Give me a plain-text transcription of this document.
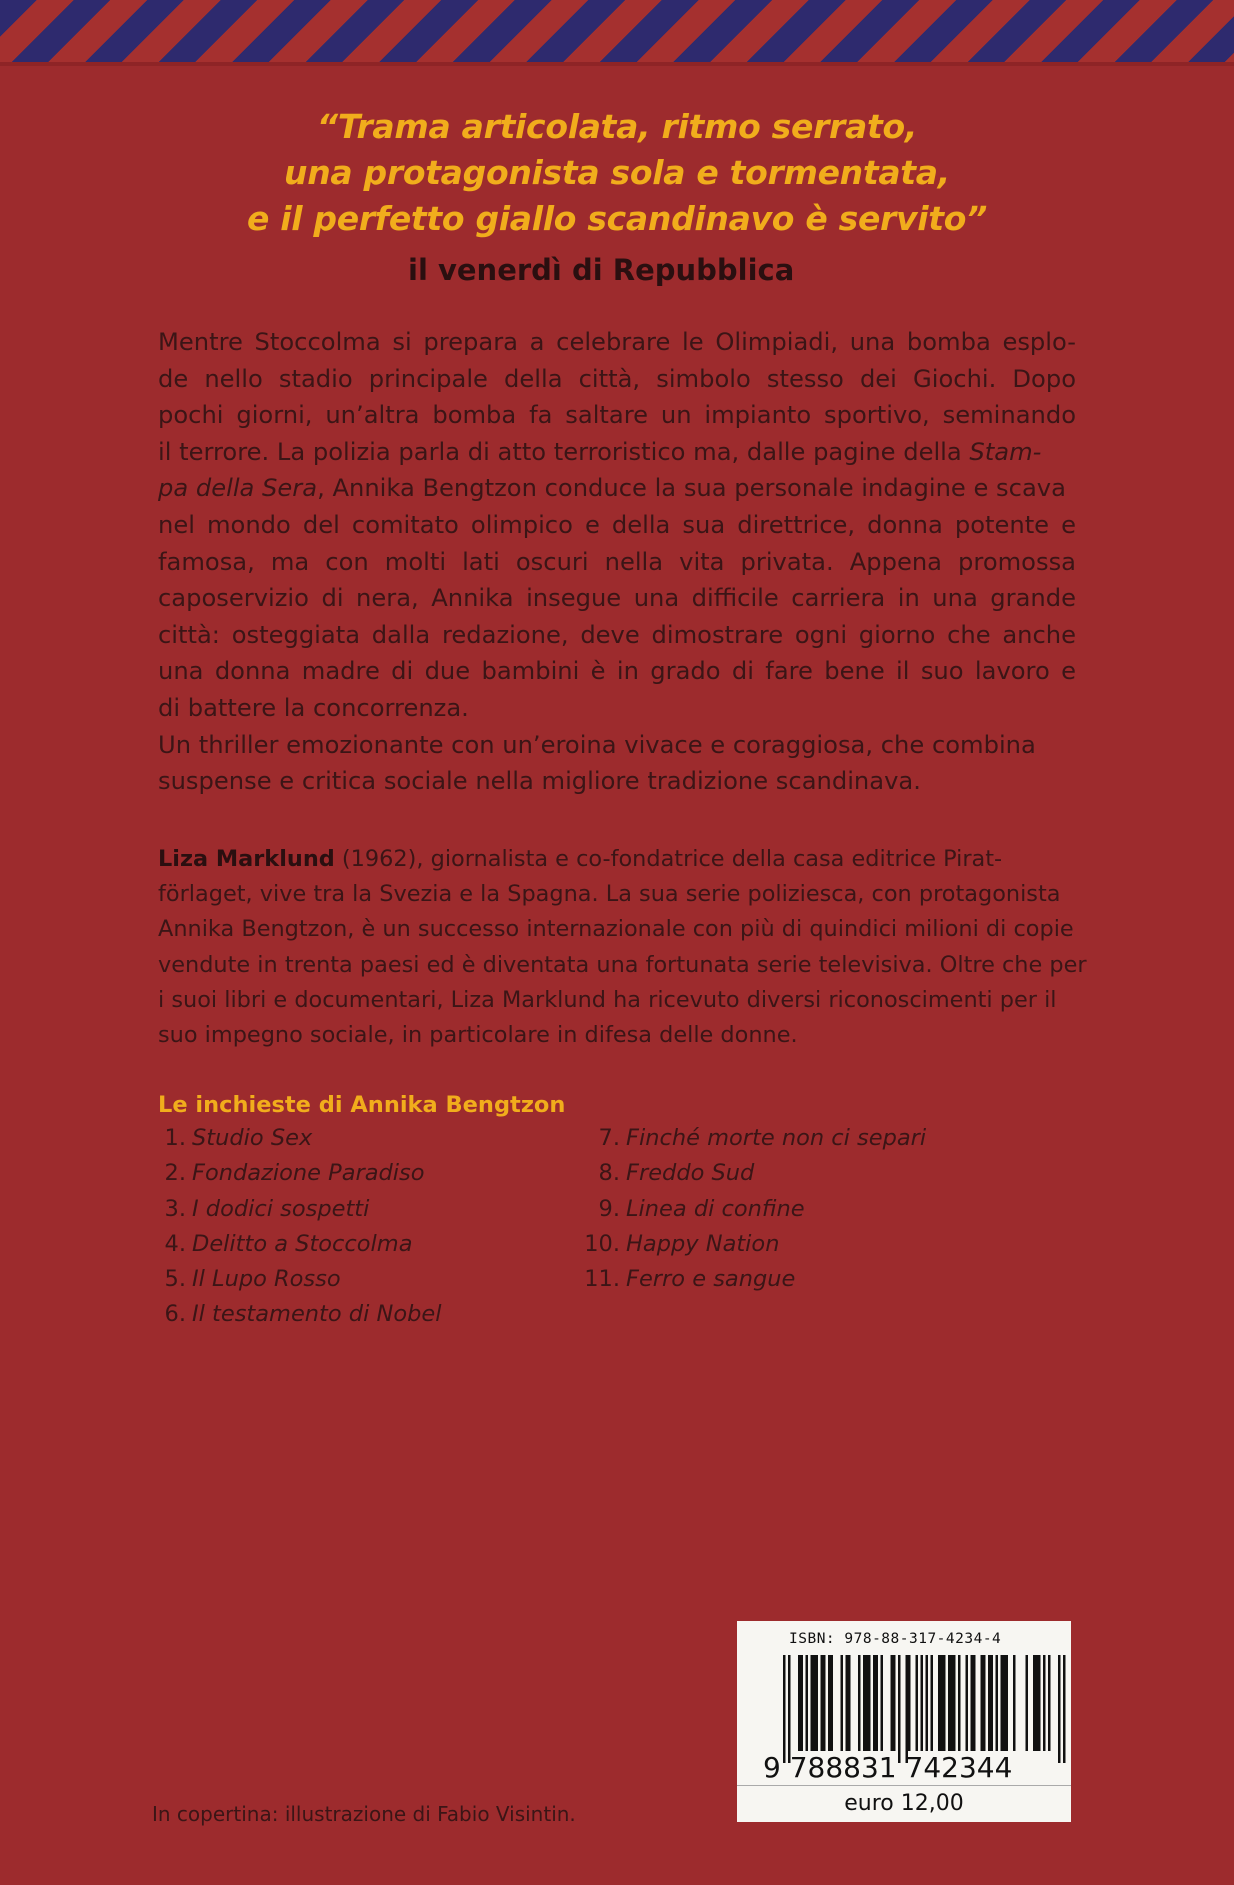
“Trama articolata, ritmo serrato,
una protagonista sola e tormentata,
e il perfetto giallo scandinavo è servito”
il venerdì di Repubblica
Mentre Stoccolma si prepara a celebrare le Olimpiadi, una bomba esplo-
de nello stadio principale della città, simbolo stesso dei Giochi. Dopo
pochi giorni, un’altra bomba fa saltare un impianto sportivo, seminando
il terrore. La polizia parla di atto terroristico ma, dalle pagine della Stam-
pa della Sera, Annika Bengtzon conduce la sua personale indagine e scava
nel mondo del comitato olimpico e della sua direttrice, donna potente e
famosa, ma con molti lati oscuri nella vita privata. Appena promossa
caposervizio di nera, Annika insegue una difficile carriera in una grande
città: osteggiata dalla redazione, deve dimostrare ogni giorno che anche
una donna madre di due bambini è in grado di fare bene il suo lavoro e
di battere la concorrenza.
Un thriller emozionante con un’eroina vivace e coraggiosa, che combina
suspense e critica sociale nella migliore tradizione scandinava.
Liza Marklund (1962), giornalista e co-fondatrice della casa editrice Pirat-
förlaget, vive tra la Svezia e la Spagna. La sua serie poliziesca, con protagonista
Annika Bengtzon, è un successo internazionale con più di quindici milioni di copie
vendute in trenta paesi ed è diventata una fortunata serie televisiva. Oltre che per
i suoi libri e documentari, Liza Marklund ha ricevuto diversi riconoscimenti per il
suo impegno sociale, in particolare in difesa delle donne.
Le inchieste di Annika Bengtzon
1. Studio Sex
2. Fondazione Paradiso
3. I dodici sospetti
4. Delitto a Stoccolma
5. Il Lupo Rosso
6. Il testamento di Nobel
7. Finché morte non ci separi
8. Freddo Sud
9. Linea di confine
10. Happy Nation
11. Ferro e sangue
ISBN: 978-88-317-4234-4
9 788831 742344
euro 12,00
In copertina: illustrazione di Fabio Visintin.
